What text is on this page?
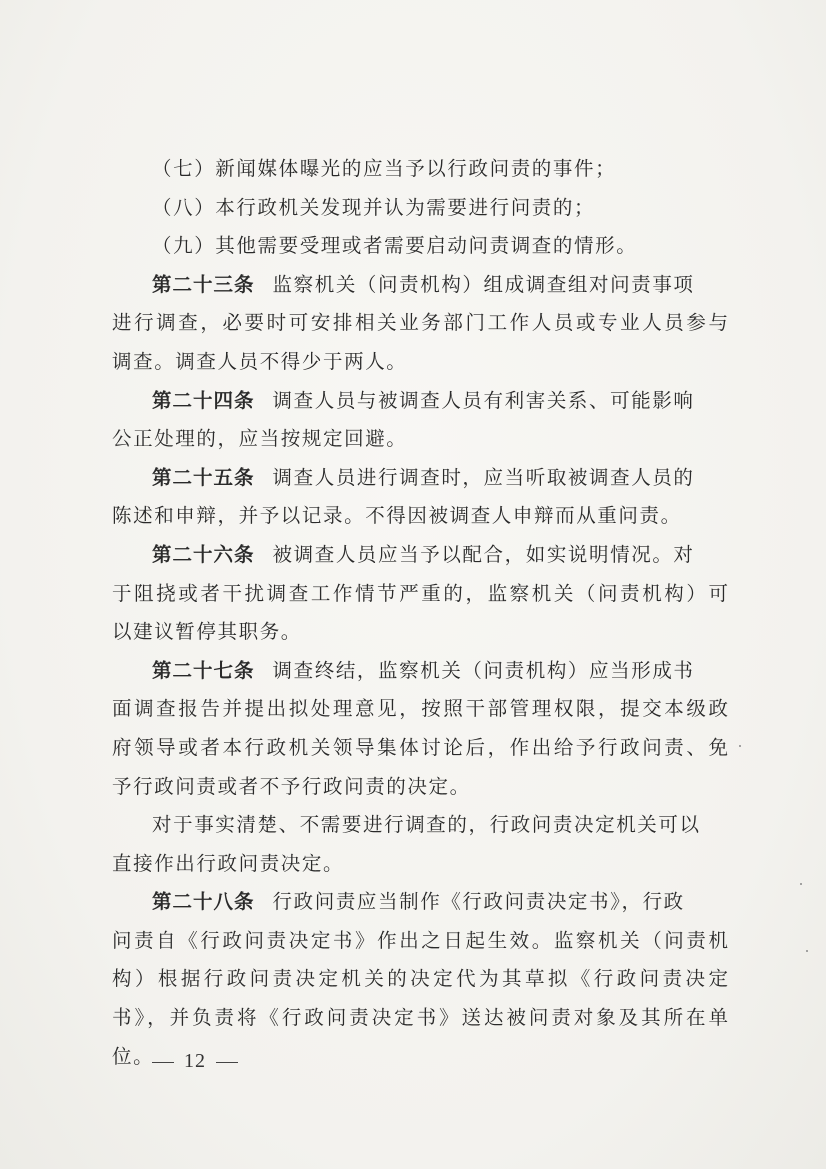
（七）新闻媒体曝光的应当予以行政问责的事件；
（八）本行政机关发现并认为需要进行问责的；
（九）其他需要受理或者需要启动问责调查的情形。
第二十三条 监察机关（问责机构）组成调查组对问责事项
进行调查，必要时可安排相关业务部门工作人员或专业人员参与
调查。调查人员不得少于两人。
第二十四条 调查人员与被调查人员有利害关系、可能影响
公正处理的，应当按规定回避。
第二十五条 调查人员进行调查时，应当听取被调查人员的
陈述和申辩，并予以记录。不得因被调查人申辩而从重问责。
第二十六条 被调查人员应当予以配合，如实说明情况。对
于阻挠或者干扰调查工作情节严重的，监察机关（问责机构）可
以建议暂停其职务。
第二十七条 调查终结，监察机关（问责机构）应当形成书
面调查报告并提出拟处理意见，按照干部管理权限，提交本级政
府领导或者本行政机关领导集体讨论后，作出给予行政问责、免
予行政问责或者不予行政问责的决定。
对于事实清楚、不需要进行调查的，行政问责决定机关可以
直接作出行政问责决定。
第二十八条 行政问责应当制作《行政问责决定书》，行政
问责自《行政问责决定书》作出之日起生效。监察机关（问责机
构）根据行政问责决定机关的决定代为其草拟《行政问责决定
书》，并负责将《行政问责决定书》送达被问责对象及其所在单
位。	12
